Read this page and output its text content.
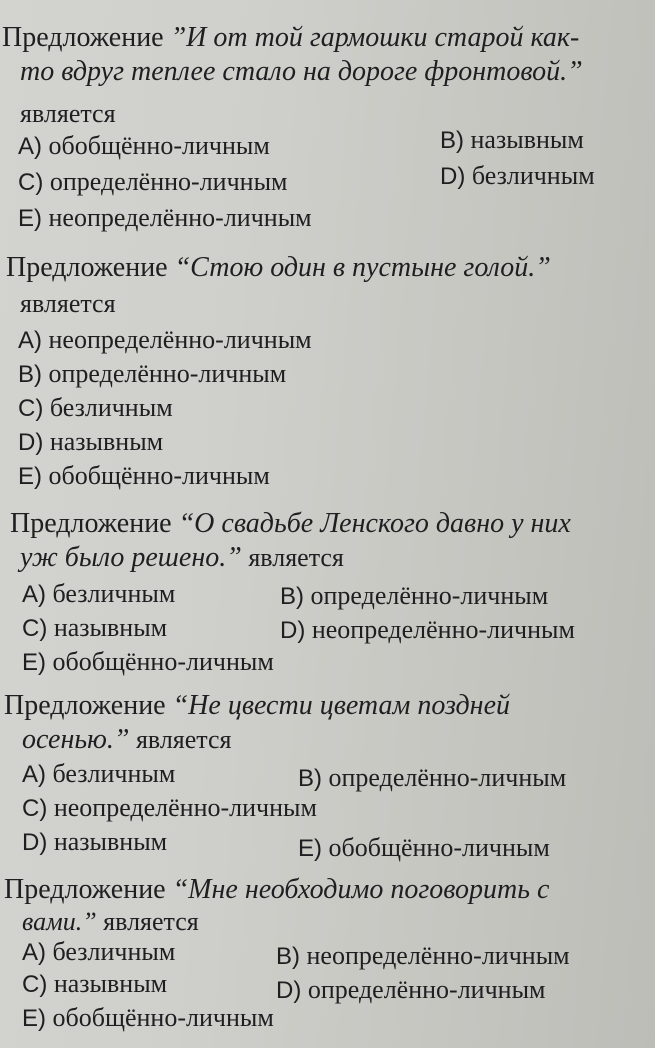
Предложение ”И от той гармошки старой как-
то вдруг теплее стало на дороге фронтовой.”
является
A) обобщённо-личным	B) назывным
C) определённо-личным	D) безличным
E) неопределённо-личным
Предложение “Стою один в пустыне голой.”
является
A) неопределённо-личным
B) определённо-личным
C) безличным
D) назывным
E) обобщённо-личным
Предложение “О свадьбе Ленского давно у них
уж было решено.” является
A) безличным	B) определённо-личным
C) назывным	D) неопределённо-личным
E) обобщённо-личным
Предложение “Не цвести цветам поздней
осенью.” является
A) безличным	B) определённо-личным
C) неопределённо-личным
D) назывным	E) обобщённо-личным
Предложение “Мне необходимо поговорить с
вами.” является
A) безличным	B) неопределённо-личным
C) назывным	D) определённо-личным
E) обобщённо-личным
